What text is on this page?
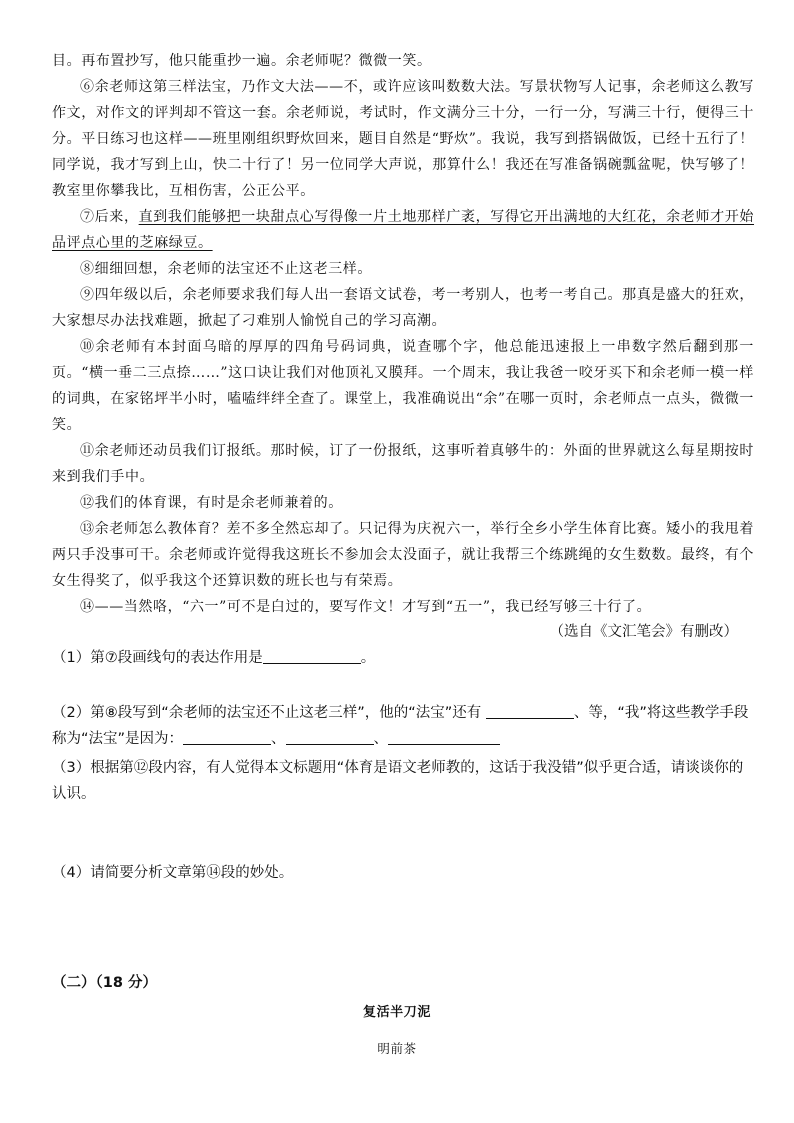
目。再布置抄写，他只能重抄一遍。余老师呢？微微一笑。

⑥余老师这第三样法宝，乃作文大法——不，或许应该叫数数大法。写景状物写人记事，余老师这么教写作文，对作文的评判却不管这一套。余老师说，考试时，作文满分三十分，一行一分，写满三十行，便得三十分。平日练习也这样——班里刚组织野炊回来，题目自然是“野炊”。我说，我写到搭锅做饭，已经十五行了！同学说，我才写到上山，快二十行了！另一位同学大声说，那算什么！我还在写准备锅碗瓢盆呢，快写够了！教室里你攀我比，互相伤害，公正公平。

⑦后来，直到我们能够把一块甜点心写得像一片土地那样广袤，写得它开出满地的大红花，余老师才开始品评点心里的芝麻绿豆。

⑧细细回想，余老师的法宝还不止这老三样。

⑨四年级以后，余老师要求我们每人出一套语文试卷，考一考别人，也考一考自己。那真是盛大的狂欢，大家想尽办法找难题，掀起了刁难别人愉悦自己的学习高潮。

⑩余老师有本封面乌暗的厚厚的四角号码词典，说查哪个字，他总能迅速报上一串数字然后翻到那一页。“横一垂二三点捺……”这口诀让我们对他顶礼又膜拜。一个周末，我让我爸一咬牙买下和余老师一模一样的词典，在家铭坪半小时，嗑嗑绊绊全查了。课堂上，我准确说出“余”在哪一页时，余老师点一点头，微微一笑。

⑪余老师还动员我们订报纸。那时候，订了一份报纸，这事听着真够牛的：外面的世界就这么每星期按时来到我们手中。

⑫我们的体育课，有时是余老师兼着的。

⑬余老师怎么教体育？差不多全然忘却了。只记得为庆祝六一，举行全乡小学生体育比赛。矮小的我甩着两只手没事可干。余老师或许觉得我这班长不参加会太没面子，就让我帮三个练跳绳的女生数数。最终，有个女生得奖了，似乎我这个还算识数的班长也与有荣焉。

⑭——当然咯，“六一”可不是白过的，要写作文！才写到“五一”，我已经写够三十行了。

（选自《文汇笔会》有删改）

（1）第⑦段画线句的表达作用是	。

（2）第⑧段写到“余老师的法宝还不止这老三样”，他的“法宝”还有	、等，“我”将这些教学手段称为“法宝”是因为：	、	、

（3）根据第⑫段内容，有人觉得本文标题用“体育是语文老师教的，这话于我没错”似乎更合适，请谈谈你的认识。

（4）请简要分析文章第⑭段的妙处。

（二）（18 分）
复活半刀泥
明前茶
